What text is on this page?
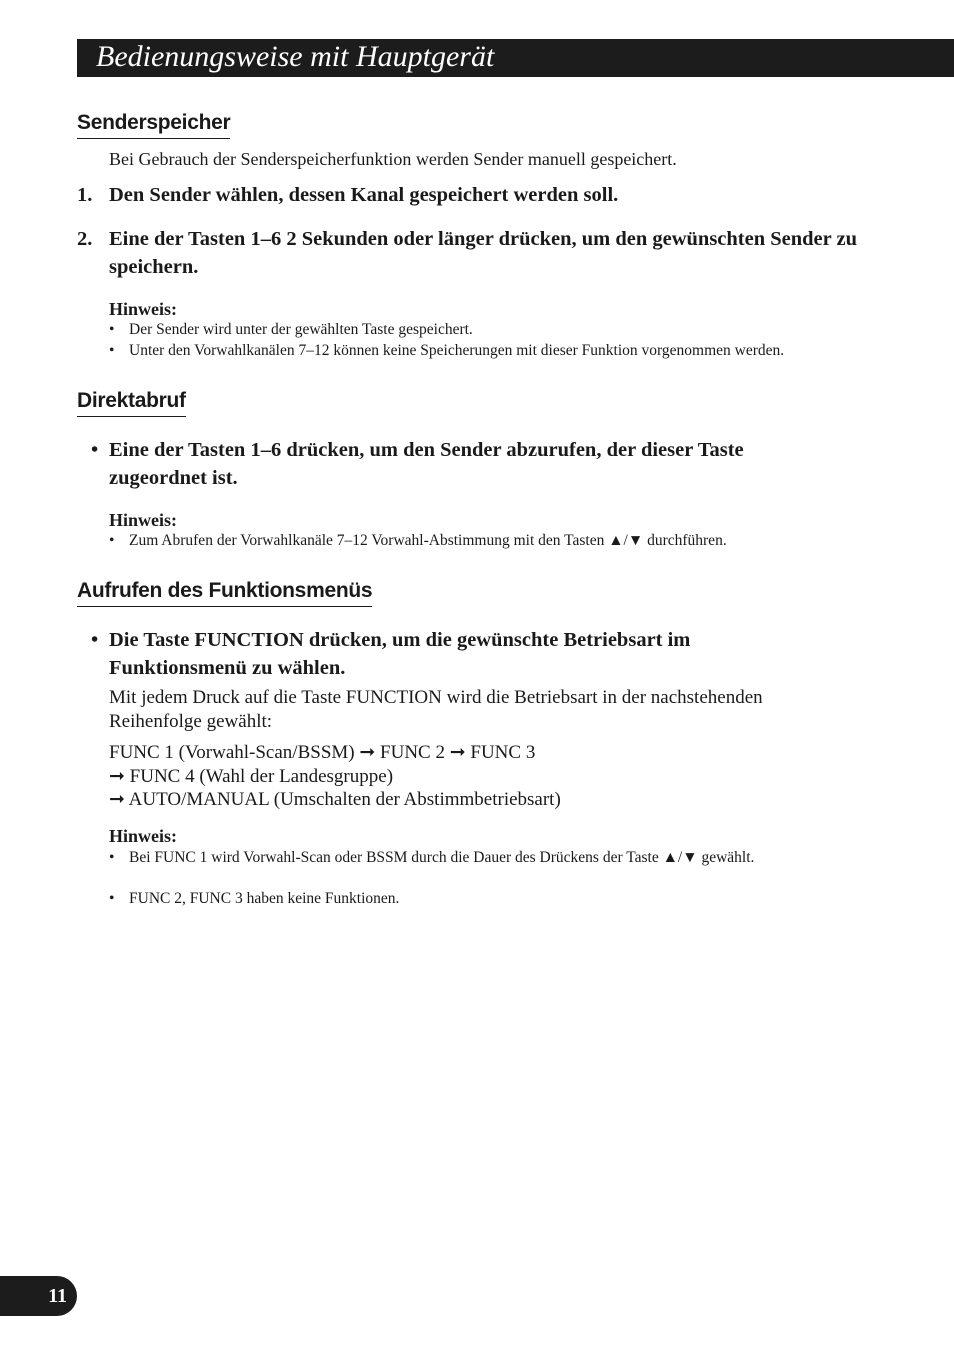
Bedienungsweise mit Hauptgerät
Senderspeicher
Bei Gebrauch der Senderspeicherfunktion werden Sender manuell gespeichert.
1. Den Sender wählen, dessen Kanal gespeichert werden soll.
2. Eine der Tasten 1–6 2 Sekunden oder länger drücken, um den gewünschten Sender zu speichern.
Hinweis:
• Der Sender wird unter der gewählten Taste gespeichert.
• Unter den Vorwahlkanälen 7–12 können keine Speicherungen mit dieser Funktion vorgenommen werden.
Direktabruf
• Eine der Tasten 1–6 drücken, um den Sender abzurufen, der dieser Taste zugeordnet ist.
Hinweis:
• Zum Abrufen der Vorwahlkanäle 7–12 Vorwahl-Abstimmung mit den Tasten ▲/▼ durchführen.
Aufrufen des Funktionsmenüs
• Die Taste FUNCTION drücken, um die gewünschte Betriebsart im Funktionsmenü zu wählen.
Mit jedem Druck auf die Taste FUNCTION wird die Betriebsart in der nachstehenden Reihenfolge gewählt:
FUNC 1 (Vorwahl-Scan/BSSM) ➞ FUNC 2 ➞ FUNC 3
➞ FUNC 4 (Wahl der Landesgruppe)
➞ AUTO/MANUAL (Umschalten der Abstimmbetriebsart)
Hinweis:
• Bei FUNC 1 wird Vorwahl-Scan oder BSSM durch die Dauer des Drückens der Taste ▲/▼ gewählt.
• FUNC 2, FUNC 3 haben keine Funktionen.
11
